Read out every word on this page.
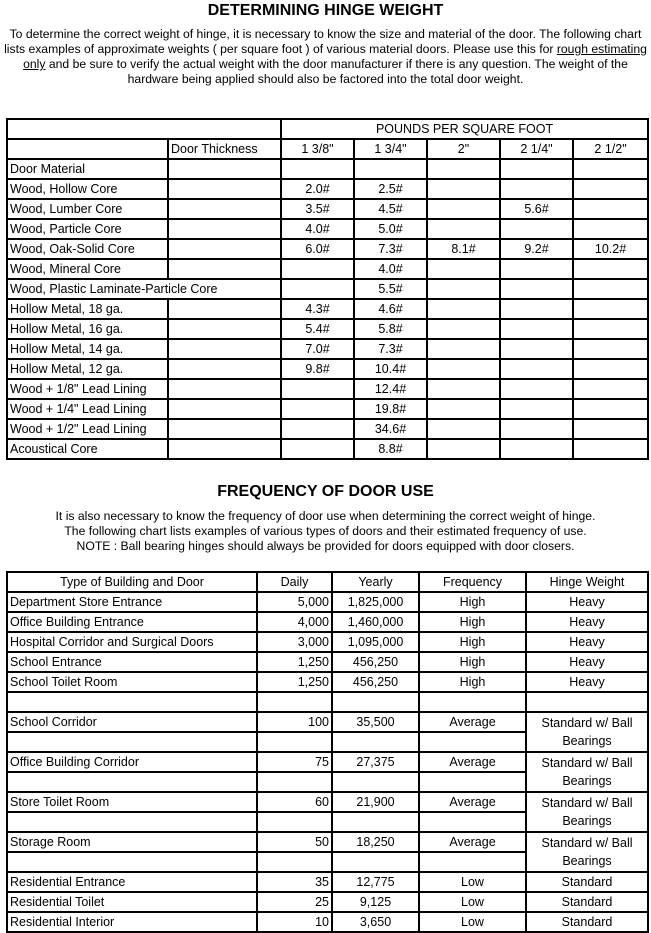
DETERMINING HINGE WEIGHT
To determine the correct weight of hinge, it is necessary to know the size and material of the door. The following chart lists examples of approximate weights ( per square foot ) of various material doors. Please use this for rough estimating only and be sure to verify the actual weight with the door manufacturer if there is any question. The weight of the hardware being applied should also be factored into the total door weight.
		POUNDS PER SQUARE FOOT				
	Door Thickness	1 3/8"	1 3/4"	2"	2 1/4"	2 1/2"
Door Material						
Wood, Hollow Core		2.0#	2.5#			
Wood, Lumber Core		3.5#	4.5#		5.6#	
Wood, Particle Core		4.0#	5.0#			
Wood, Oak-Solid Core		6.0#	7.3#	8.1#	9.2#	10.2#
Wood, Mineral Core			4.0#			
Wood, Plastic Laminate-Particle Core			5.5#			
Hollow Metal, 18 ga.		4.3#	4.6#			
Hollow Metal, 16 ga.		5.4#	5.8#			
Hollow Metal, 14 ga.		7.0#	7.3#			
Hollow Metal, 12 ga.		9.8#	10.4#			
Wood + 1/8" Lead Lining			12.4#			
Wood + 1/4" Lead Lining			19.8#			
Wood + 1/2" Lead Lining			34.6#			
Acoustical Core			8.8#			
FREQUENCY OF DOOR USE

It is also necessary to know the frequency of door use when determining the correct weight of hinge.

The following chart lists examples of various types of doors and their estimated frequency of use.

NOTE : Ball bearing hinges should always be provided for doors equipped with door closers.

Type of Building and Door	Daily	Yearly	Frequency	Hinge Weight
Department Store Entrance	5,000	1,825,000	High	Heavy
Office Building Entrance	4,000	1,460,000	High	Heavy
Hospital Corridor and Surgical Doors	3,000	1,095,000	High	Heavy
School Entrance	1,250	456,250	High	Heavy
School Toilet Room	1,250	456,250	High	Heavy

School Corridor	100	35,500	Average	Standard w/ Ball Bearings

Office Building Corridor	75	27,375	Average	Standard w/ Ball Bearings

Store Toilet Room	60	21,900	Average	Standard w/ Ball Bearings

Storage Room	50	18,250	Average	Standard w/ Ball Bearings

Residential Entrance	35	12,775	Low	Standard
Residential Toilet	25	9,125	Low	Standard
Residential Interior	10	3,650	Low	Standard
